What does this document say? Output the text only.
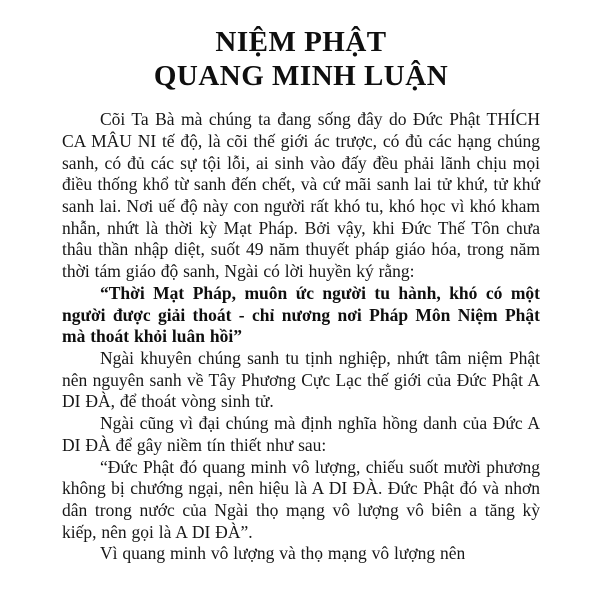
NIỆM PHẬT
QUANG MINH LUẬN

Cõi Ta Bà mà chúng ta đang sống đây do Đức Phật THÍCH CA MÂU NI tế độ, là cõi thế giới ác trược, có đủ các hạng chúng sanh, có đủ các sự tội lỗi, ai sinh vào đấy đều phải lãnh chịu mọi điều thống khổ từ sanh đến chết, và cứ mãi sanh lai tử khứ, tử khứ sanh lai. Nơi uế độ này con người rất khó tu, khó học vì khó kham nhẫn, nhứt là thời kỳ Mạt Pháp. Bởi vậy, khi Đức Thế Tôn chưa thâu thần nhập diệt, suốt 49 năm thuyết pháp giáo hóa, trong năm thời tám giáo độ sanh, Ngài có lời huyền ký rằng:

“Thời Mạt Pháp, muôn ức người tu hành, khó có một người được giải thoát - chỉ nương nơi Pháp Môn Niệm Phật mà thoát khỏi luân hồi”

Ngài khuyên chúng sanh tu tịnh nghiệp, nhứt tâm niệm Phật nên nguyên sanh về Tây Phương Cực Lạc thế giới của Đức Phật A DI ĐÀ, để thoát vòng sinh tử.

Ngài cũng vì đại chúng mà định nghĩa hồng danh của Đức A DI ĐÀ để gây niềm tín thiết như sau:

“Đức Phật đó quang minh vô lượng, chiếu suốt mười phương không bị chướng ngại, nên hiệu là A DI ĐÀ. Đức Phật đó và nhơn dân trong nước của Ngài thọ mạng vô lượng vô biên a tăng kỳ kiếp, nên gọi là A DI ĐÀ”.

Vì quang minh vô lượng và thọ mạng vô lượng nên
